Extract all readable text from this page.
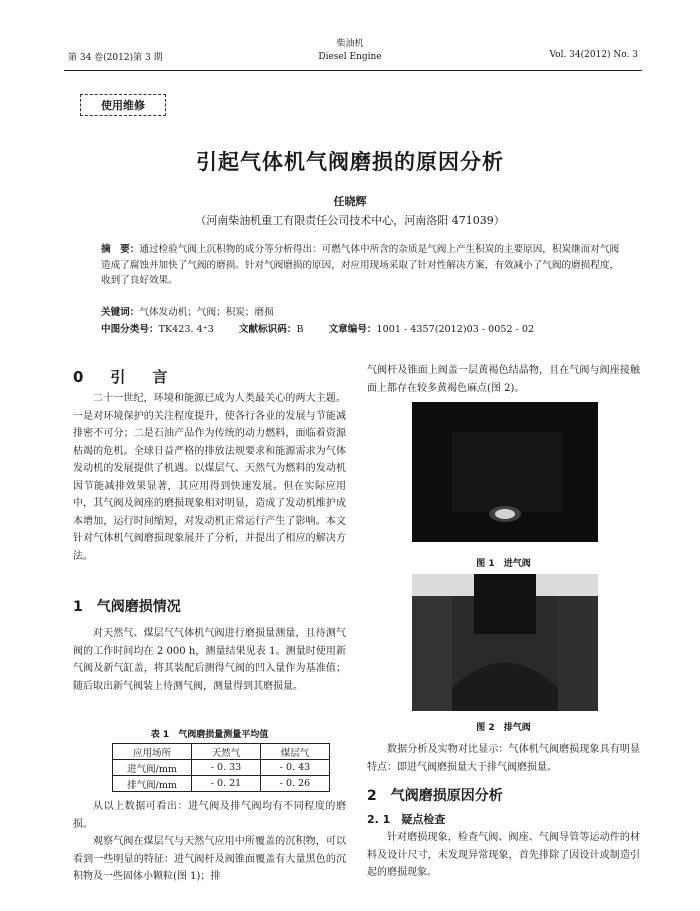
第 34 卷(2012)第 3 期
柴油机
Diesel Engine	Vol. 34(2012) No. 3
使用维修
引起气体机气阀磨损的原因分析
任晓辉
（河南柴油机重工有限责任公司技术中心，河南洛阳 471039）
摘　要：通过检验气阀上沉积物的成分等分析得出：可燃气体中所含的杂质是气阀上产生积炭的主要原因，积炭继而对气阀造成了腐蚀并加快了气阀的磨损。针对气阀磨损的原因，对应用现场采取了针对性解决方案，有效减小了气阀的磨损程度，收到了良好效果。
关键词：气体发动机；气阀；积炭；磨损
中图分类号：TK423. 4⁺3	文献标识码：B	文章编号：1001 - 4357(2012)03 - 0052 - 02
0　引　言

二十一世纪，环境和能源已成为人类最关心的两大主题。一是对环境保护的关注程度提升，使各行各业的发展与节能减排密不可分；二是石油产品作为传统的动力燃料，面临着资源枯竭的危机。全球日益严格的排放法规要求和能源需求为气体发动机的发展提供了机遇。以煤层气、天然气为燃料的发动机因节能减排效果显著，其应用得到快速发展。但在实际应用中，其气阀及阀座的磨损现象相对明显，造成了发动机维护成本增加，运行时间缩短，对发动机正常运行产生了影响。本文针对气体机气阀磨损现象展开了分析，并提出了相应的解决方法。

1　气阀磨损情况

对天然气、煤层气气体机气阀进行磨损量测量，且待测气阀的工作时间均在 2 000 h，测量结果见表 1。测量时使用新气阀及新气缸盖，将其装配后测得气阀的凹入量作为基准值；随后取出新气阀装上待测气阀，测量得到其磨损量。

表 1　气阀磨损量测量平均值
应用场所	天然气	煤层气
进气阀/mm	- 0. 33	- 0. 43
排气阀/mm	- 0. 21	- 0. 26

从以上数据可看出：进气阀及排气阀均有不同程度的磨损。

观察气阀在煤层气与天然气应用中所覆盖的沉积物，可以看到一些明显的特征：进气阀杆及阀锥面覆盖有大量黑色的沉积物及一些固体小颗粒(图 1)；排

气阀杆及锥面上阀盖一层黄褐色结晶物，且在气阀与阀座接触面上都存在较多黄褐色麻点(图 2)。

图 1　进气阀
图 2　排气阀

数据分析及实物对比显示：气体机气阀磨损现象具有明显特点：即进气阀磨损量大于排气阀磨损量。

2　气阀磨损原因分析
2. 1　疑点检查

针对磨损现象，检查气阀、阀座、气阀导管等运动件的材料及设计尺寸，未发现异常现象，首先排除了因设计或制造引起的磨损现象。
